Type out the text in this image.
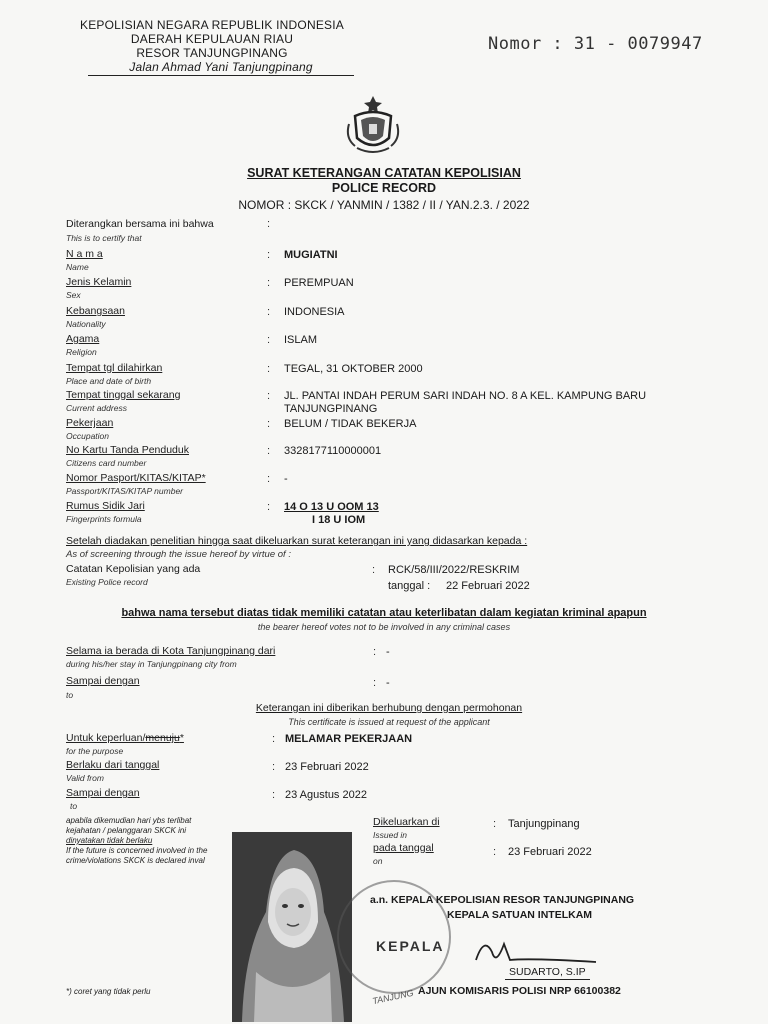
KEPOLISIAN NEGARA REPUBLIK INDONESIA
DAERAH KEPULAUAN RIAU
RESOR TANJUNGPINANG
Jalan Ahmad Yani Tanjungpinang
Nomor : 31 - 0079947
SURAT KETERANGAN CATATAN KEPOLISIAN
POLICE RECORD
NOMOR : SKCK / YANMIN / 1382 / II / YAN.2.3. / 2022
Diterangkan bersama ini bahwa	:
This is to certify that
N a m a
Name
: MUGIATNI
Jenis Kelamin
Sex
: PEREMPUAN
Kebangsaan
Nationality
: INDONESIA
Agama
Religion
: ISLAM
Tempat tgl dilahirkan
Place and date of birth
: TEGAL, 31 OKTOBER 2000
Tempat tinggal sekarang
Current address
: JL. PANTAI INDAH PERUM SARI INDAH NO. 8 A KEL. KAMPUNG BARU
TANJUNGPINANG
Pekerjaan
Occupation
: BELUM / TIDAK BEKERJA
No Kartu Tanda Penduduk
Citizens card number
: 3328177110000001
Nomor Pasport/KITAS/KITAP*
Passport/KITAS/KITAP number
: -
Rumus Sidik Jari
Fingerprints formula
: 14 O 13 U OOM 13
I 18 U IOM
Setelah diadakan penelitian hingga saat dikeluarkan surat keterangan ini yang didasarkan kepada :
As of screening through the issue hereof by virtue of :
Catatan Kepolisian yang ada
Existing Police record
: RCK/58/III/2022/RESKRIM
tanggal : 22 Februari 2022
bahwa nama tersebut diatas tidak memiliki catatan atau keterlibatan dalam kegiatan kriminal apapun
the bearer hereof votes not to be involved in any criminal cases
Selama ia berada di Kota Tanjungpinang dari
during his/her stay in Tanjungpinang city from
: -
Sampai dengan
to
: -
Keterangan ini diberikan berhubung dengan permohonan
This certificate is issued at request of the applicant
Untuk keperluan/menuju*
for the purpose
: MELAMAR PEKERJAAN
Berlaku dari tanggal
Valid from
: 23 Februari 2022
Sampai dengan
to
: 23 Agustus 2022
apabila dikemudian hari ybs terlibat
kejahatan / pelanggaran SKCK ini
dinyatakan tidak berlaku
If the future is concerned involved in the
crime/violations SKCK is declared inval
*) coret yang tidak perlu
KEPALA
TANJUNG
Dikeluarkan di
Issued in
: Tanjungpinang
pada tanggal
on
: 23 Februari 2022
a.n. KEPALA KEPOLISIAN RESOR TANJUNGPINANG
KEPALA SATUAN INTELKAM
SUDARTO, S.IP
AJUN KOMISARIS POLISI NRP 66100382
